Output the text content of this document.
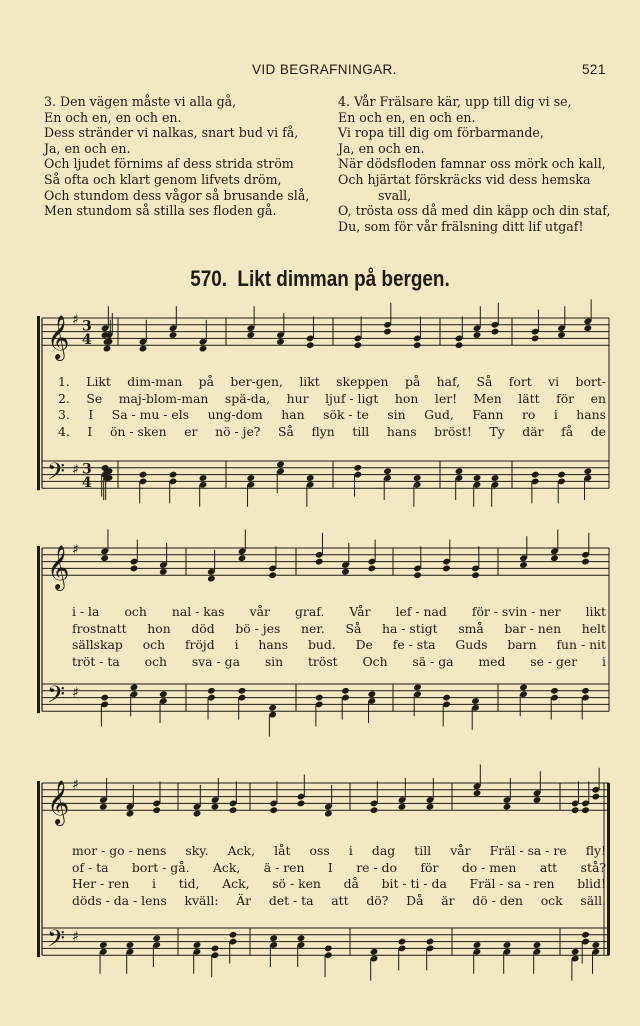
VID BEGRAFNINGAR.	521
3. Den vägen måste vi alla gå,
En och en, en och en.
Dess stränder vi nalkas, snart bud vi få,
Ja, en och en.
Och ljudet förnims af dess strida ström
Så ofta och klart genom lifvets dröm,
Och stundom dess vågor så brusande slå,
Men stundom så stilla ses floden gå.
4. Vår Frälsare kär, upp till dig vi se,
En och en, en och en.
Vi ropa till dig om förbarmande,
Ja, en och en.
När dödsfloden famnar oss mörk och kall,
Och hjärtat förskräcks vid dess hemska
svall,
O, trösta oss då med din käpp och din staf,
Du, som för vår frälsning ditt lif utgaf!
570. Likt dimman på bergen.
𝄞
𝄢
♯
♯
3
4
3
4
𝄞
𝄢
♯
♯
𝄞
𝄢
♯
♯
1. Likt dim-man på ber-gen, likt skeppen på haf, Så fort vi bort-
2. Se maj-blom-man spä-da, hur ljuf - ligt hon ler! Men lätt för en
3. I Sa - mu - els ung-dom han sök - te sin Gud, Fann ro i hans
4. I ön - sken er nö - je? Så flyn till hans bröst! Ty där få de
i - la och nal - kas vår graf. Vår lef - nad för - svin - ner likt
frostnatt hon död bö - jes ner. Så ha - stigt små bar - nen helt
sällskap och fröjd i hans bud. De fe - sta Guds barn fun - nit
tröt - ta och sva - ga sin tröst Och sä - ga med se - ger i
mor - go - nens sky. Ack, låt oss i dag till vår Fräl - sa - re fly!
of - ta bort - gå. Ack, ä - ren I re - do för do - men att stå?
Her - ren i tid, Ack, sö - ken då bit - ti - da Fräl - sa - ren blid!
döds - da - lens kväll: Är det - ta att dö? Då är dö - den ock säll.
